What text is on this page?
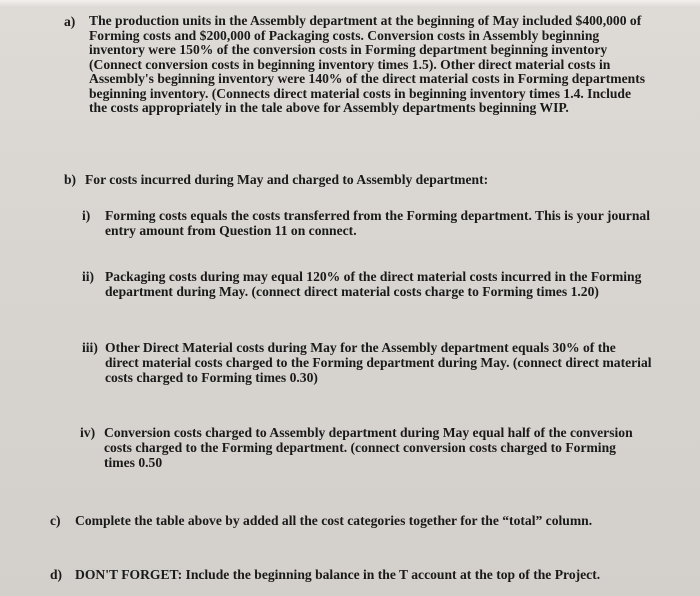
a) The production units in the Assembly department at the beginning of May included $400,000 of
Forming costs and $200,000 of Packaging costs. Conversion costs in Assembly beginning
inventory were 150% of the conversion costs in Forming department beginning inventory
(Connect conversion costs in beginning inventory times 1.5). Other direct material costs in
Assembly's beginning inventory were 140% of the direct material costs in Forming departments
beginning inventory. (Connects direct material costs in beginning inventory times 1.4. Include
the costs appropriately in the tale above for Assembly departments beginning WIP.
b) For costs incurred during May and charged to Assembly department:
i) Forming costs equals the costs transferred from the Forming department. This is your journal
entry amount from Question 11 on connect.
ii) Packaging costs during may equal 120% of the direct material costs incurred in the Forming
department during May. (connect direct material costs charge to Forming times 1.20)
iii) Other Direct Material costs during May for the Assembly department equals 30% of the
direct material costs charged to the Forming department during May. (connect direct material
costs charged to Forming times 0.30)
iv) Conversion costs charged to Assembly department during May equal half of the conversion
costs charged to the Forming department. (connect conversion costs charged to Forming
times 0.50
c) Complete the table above by added all the cost categories together for the “total” column.
d) DON'T FORGET: Include the beginning balance in the T account at the top of the Project.
